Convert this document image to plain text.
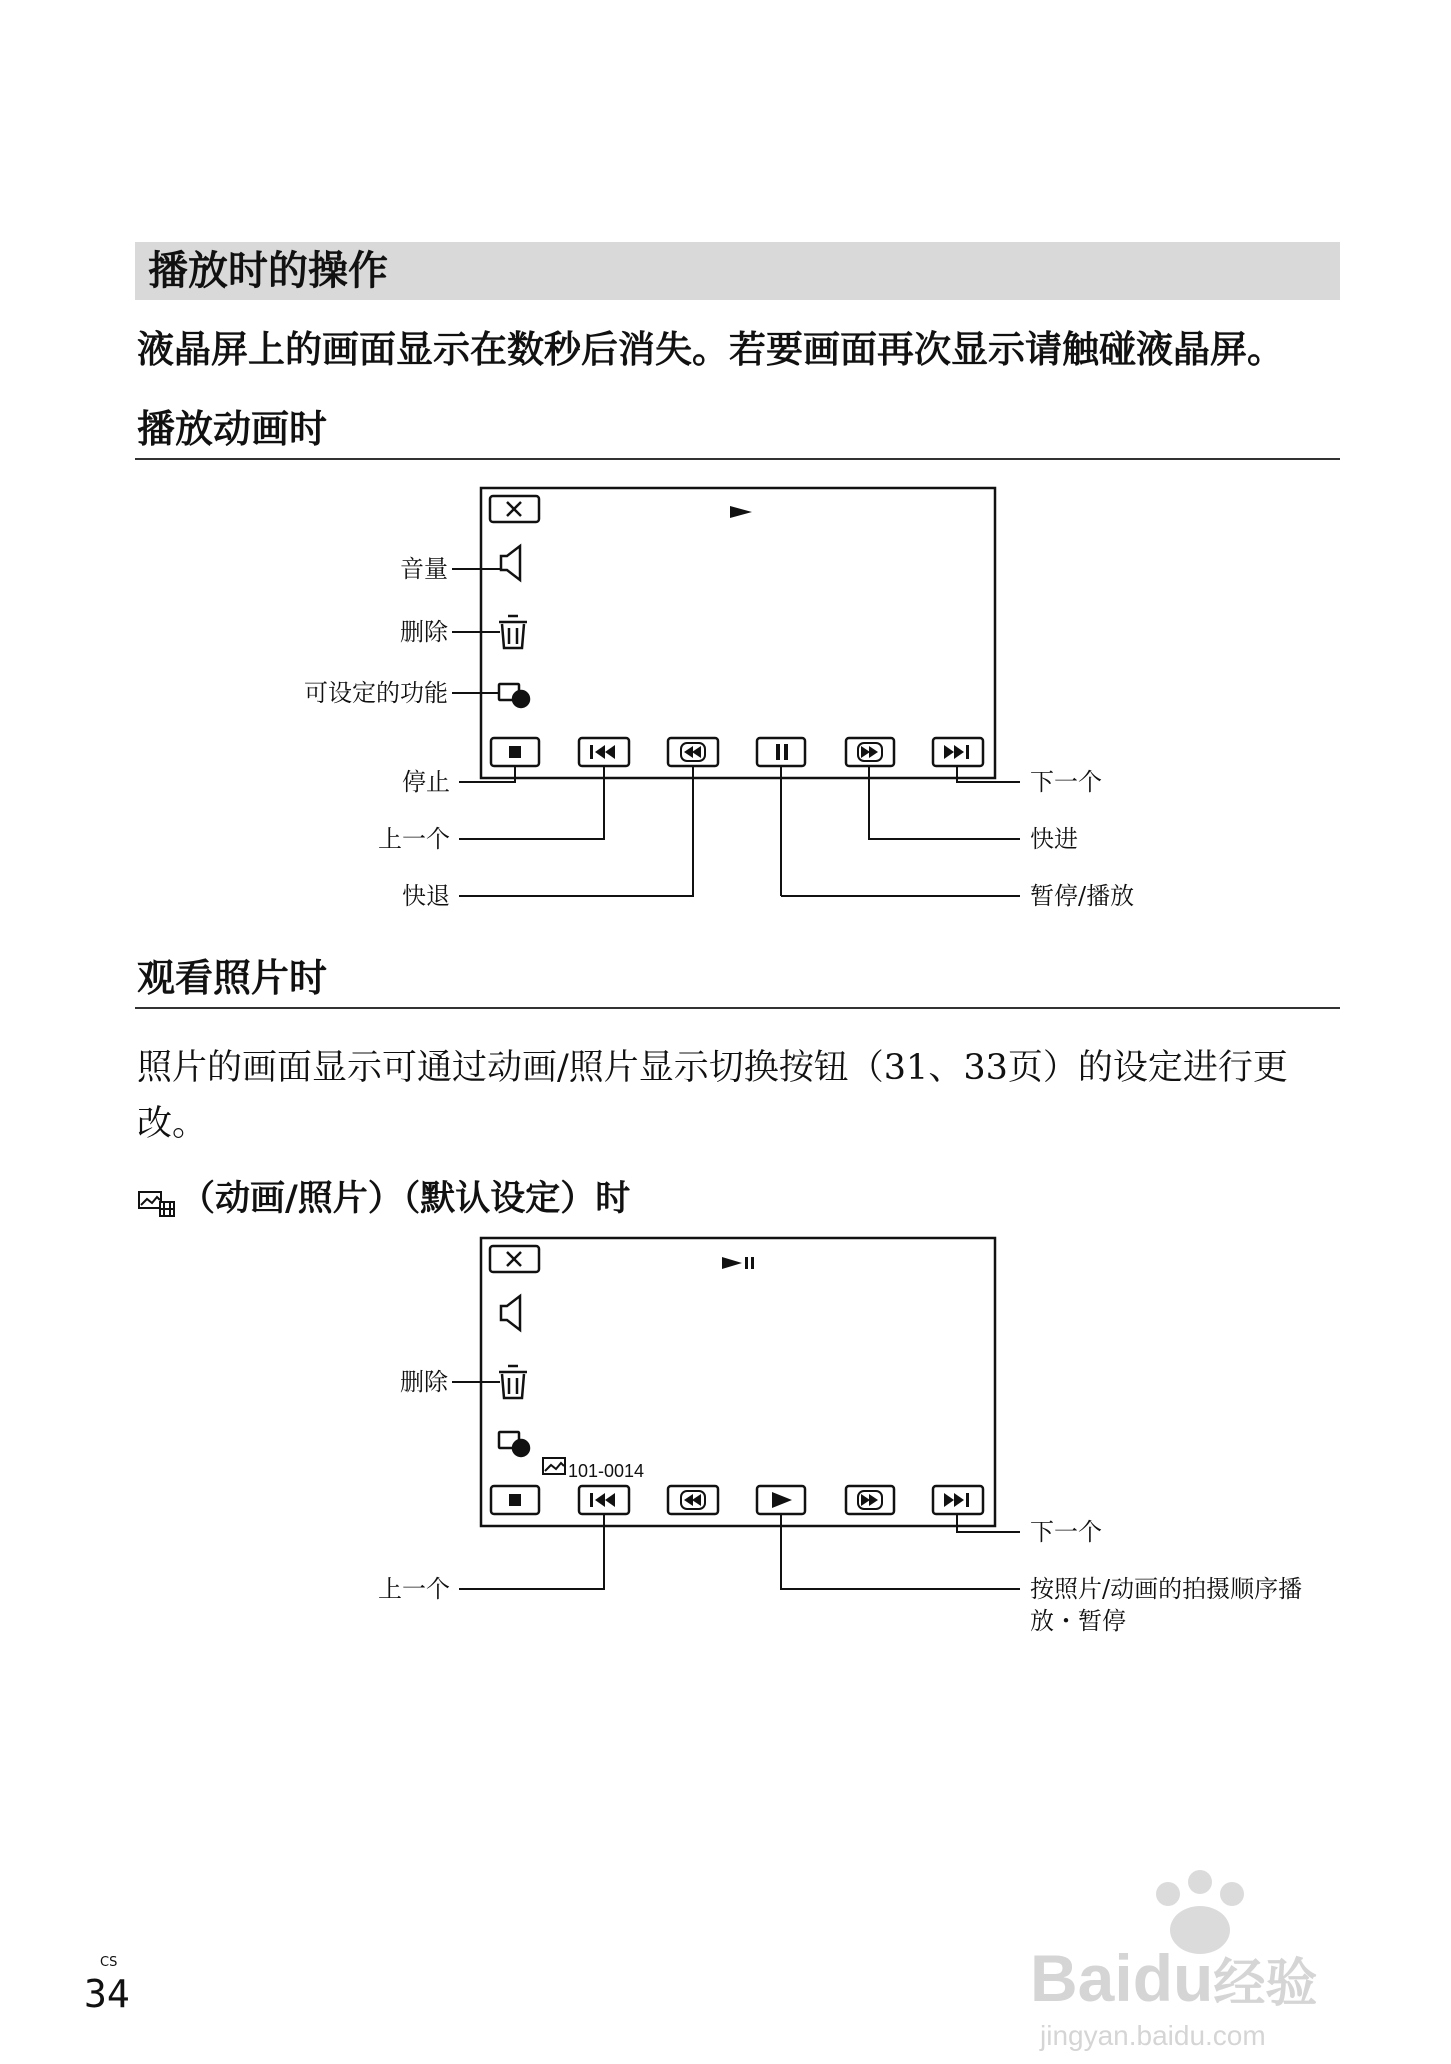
播放时的操作
液晶屏上的画面显示在数秒后消失。若要画面再次显示请触碰液晶屏。
播放动画时
音量
删除
可设定的功能
停止
上一个
快退
下一个
快进
暂停/播放
观看照片时
照片的画面显示可通过动画/照片显示切换按钮（31、33页）的设定进行更改。
（动画/照片）（默认设定）时
101-0014
删除
上一个
下一个
按照片/动画的拍摄顺序播
放・暂停
CS
34	Baidu经验
jingyan.baidu.com
